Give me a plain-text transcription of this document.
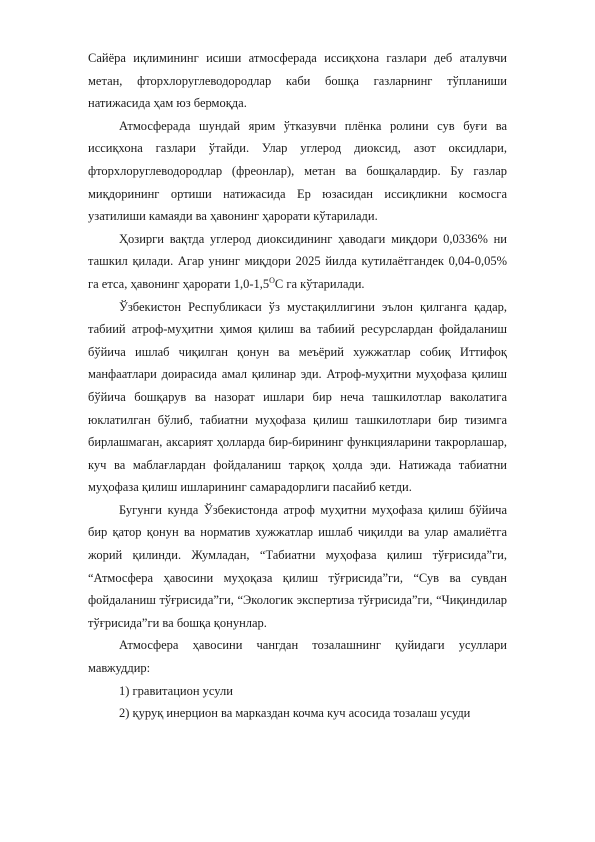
Сайёра иқлимининг исиши атмосферада иссиқхона газлари деб аталувчи метан, фторхлоруглеводородлар каби бошқа газларнинг тўпланиши натижасида ҳам юз бермоқда.

Атмосферада шундай ярим ўтказувчи плёнка ролини сув буғи ва иссиқхона газлари ўтайди. Улар углерод диоксид, азот оксидлари, фторхлоруглеводородлар (фреонлар), метан ва бошқалардир. Бу газлар миқдорининг ортиши натижасида Ер юзасидан иссиқликни космосга узатилиши камаяди ва ҳавонинг ҳарорати кўтарилади.

Ҳозирги вақтда углерод диоксидининг ҳаводаги миқдори 0,0336% ни ташкил қилади. Агар унинг миқдори 2025 йилда кутилаётгандек 0,04-0,05% га етса, ҳавонинг ҳарорати $1,0-1,5^ОС$ га кўтарилади.

Ўзбекистон Республикаси ўз мустақиллигини эълон қилганга қадар, табиий атроф-муҳитни ҳимоя қилиш ва табиий ресурслардан фойдаланиш бўйича ишлаб чиқилган қонун ва меъёрий хужжатлар собиқ Иттифоқ манфаатлари доирасида амал қилинар эди. Атроф-муҳитни муҳофаза қилиш бўйича бошқарув ва назорат ишлари бир неча ташкилотлар ваколатига юклатилган бўлиб, табиатни муҳофаза қилиш ташкилотлари бир тизимга бирлашмаган, аксарият ҳолларда бир-бирининг функцияларини такрорлашар, куч ва маблағлардан фойдаланиш тарқоқ ҳолда эди. Натижада табиатни муҳофаза қилиш ишларининг самарадорлиги пасайиб кетди.

Бугунги кунда Ўзбекистонда атроф муҳитни муҳофаза қилиш бўйича бир қатор қонун ва норматив хужжатлар ишлаб чиқилди ва улар амалиётга жорий қилинди. Жумладан, “Табиатни муҳофаза қилиш тўғрисида”ги, “Атмосфера ҳавосини муҳоқаза қилиш тўғрисида”ги, “Сув ва сувдан фойдаланиш тўғрисида”ги, “Экологик экспертиза тўғрисида”ги, “Чиқиндилар тўғрисида”ги ва бошқа қонунлар.

Атмосфера ҳавосини чангдан тозалашнинг қуйидаги усуллари мавжуддир:

1) гравитацион усули

2) қуруқ инерцион ва марказдан кочма куч асосида тозалаш усуди
